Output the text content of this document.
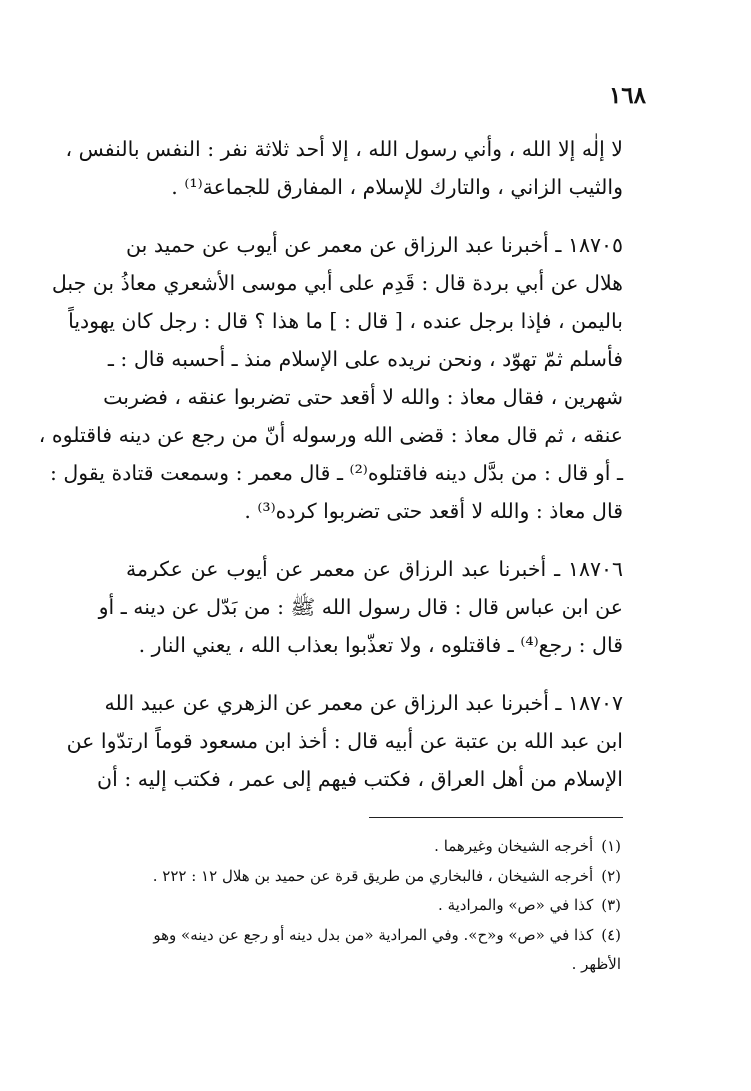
١٦٨

لا إلٰه إلا الله ، وأني رسول الله ، إلا أحد ثلاثة نفر : النفس بالنفس ،
والثيب الزاني ، والتارك للإسلام ، المفارق للجماعة⁽¹⁾ .

١٨٧٠٥ ـ أخبرنا عبد الرزاق عن معمر عن أيوب عن حميد بن
هلال عن أبي بردة قال : قَدِم على أبي موسى الأشعري معاذُ بن جبل
باليمن ، فإذا برجل عنده ، [ قال : ] ما هذا ؟ قال : رجل كان يهودياً
فأسلم ثمّ تهوّد ، ونحن نريده على الإسلام منذ ـ أحسبه قال : ـ
شهرين ، فقال معاذ : والله لا أقعد حتى تضربوا عنقه ، فضربت
عنقه ، ثم قال معاذ : قضى الله ورسوله أنّ من رجع عن دينه فاقتلوه ،
ـ أو قال : من بدَّل دينه فاقتلوه⁽²⁾ ـ قال معمر : وسمعت قتادة يقول :
قال معاذ : والله لا أقعد حتى تضربوا كرده⁽³⁾ .

١٨٧٠٦ ـ أخبرنا عبد الرزاق عن معمر عن أيوب عن عكرمة
عن ابن عباس قال : قال رسول الله ﷺ : من بَدّل عن دينه ـ أو
قال : رجع⁽⁴⁾ ـ فاقتلوه ، ولا تعذّبوا بعذاب الله ، يعني النار .

١٨٧٠٧ ـ أخبرنا عبد الرزاق عن معمر عن الزهري عن عبيد الله
ابن عبد الله بن عتبة عن أبيه قال : أخذ ابن مسعود قوماً ارتدّوا عن
الإسلام من أهل العراق ، فكتب فيهم إلى عمر ، فكتب إليه : أن

(١)أخرجه الشيخان وغيرهما .
(٢)أخرجه الشيخان ، فالبخاري من طريق قرة عن حميد بن هلال ١٢ : ٢٢٢ .
(٣)كذا في «ص» والمرادية .
(٤)كذا في «ص» و«ح». وفي المرادية «من بدل دينه أو رجع عن دينه» وهو
الأظهر .
